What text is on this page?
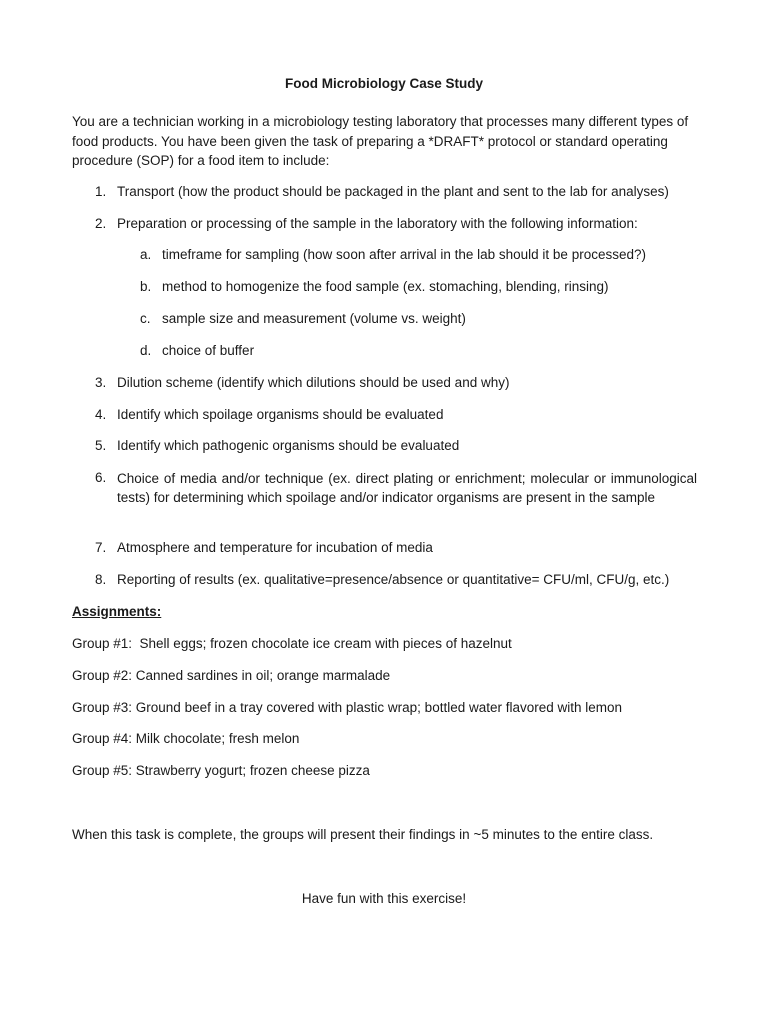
Food Microbiology Case Study
You are a technician working in a microbiology testing laboratory that processes many different types of food products. You have been given the task of preparing a *DRAFT* protocol or standard operating procedure (SOP) for a food item to include:
1. Transport (how the product should be packaged in the plant and sent to the lab for analyses)
2. Preparation or processing of the sample in the laboratory with the following information:
a. timeframe for sampling (how soon after arrival in the lab should it be processed?)
b. method to homogenize the food sample (ex. stomaching, blending, rinsing)
c. sample size and measurement (volume vs. weight)
d. choice of buffer
3. Dilution scheme (identify which dilutions should be used and why)
4. Identify which spoilage organisms should be evaluated
5. Identify which pathogenic organisms should be evaluated
6. Choice of media and/or technique (ex. direct plating or enrichment; molecular or immunological tests) for determining which spoilage and/or indicator organisms are present in the sample
7. Atmosphere and temperature for incubation of media
8. Reporting of results (ex. qualitative=presence/absence or quantitative= CFU/ml, CFU/g, etc.)
Assignments:
Group #1:  Shell eggs; frozen chocolate ice cream with pieces of hazelnut
Group #2: Canned sardines in oil; orange marmalade
Group #3: Ground beef in a tray covered with plastic wrap; bottled water flavored with lemon
Group #4: Milk chocolate; fresh melon
Group #5: Strawberry yogurt; frozen cheese pizza
When this task is complete, the groups will present their findings in ~5 minutes to the entire class.
Have fun with this exercise!
